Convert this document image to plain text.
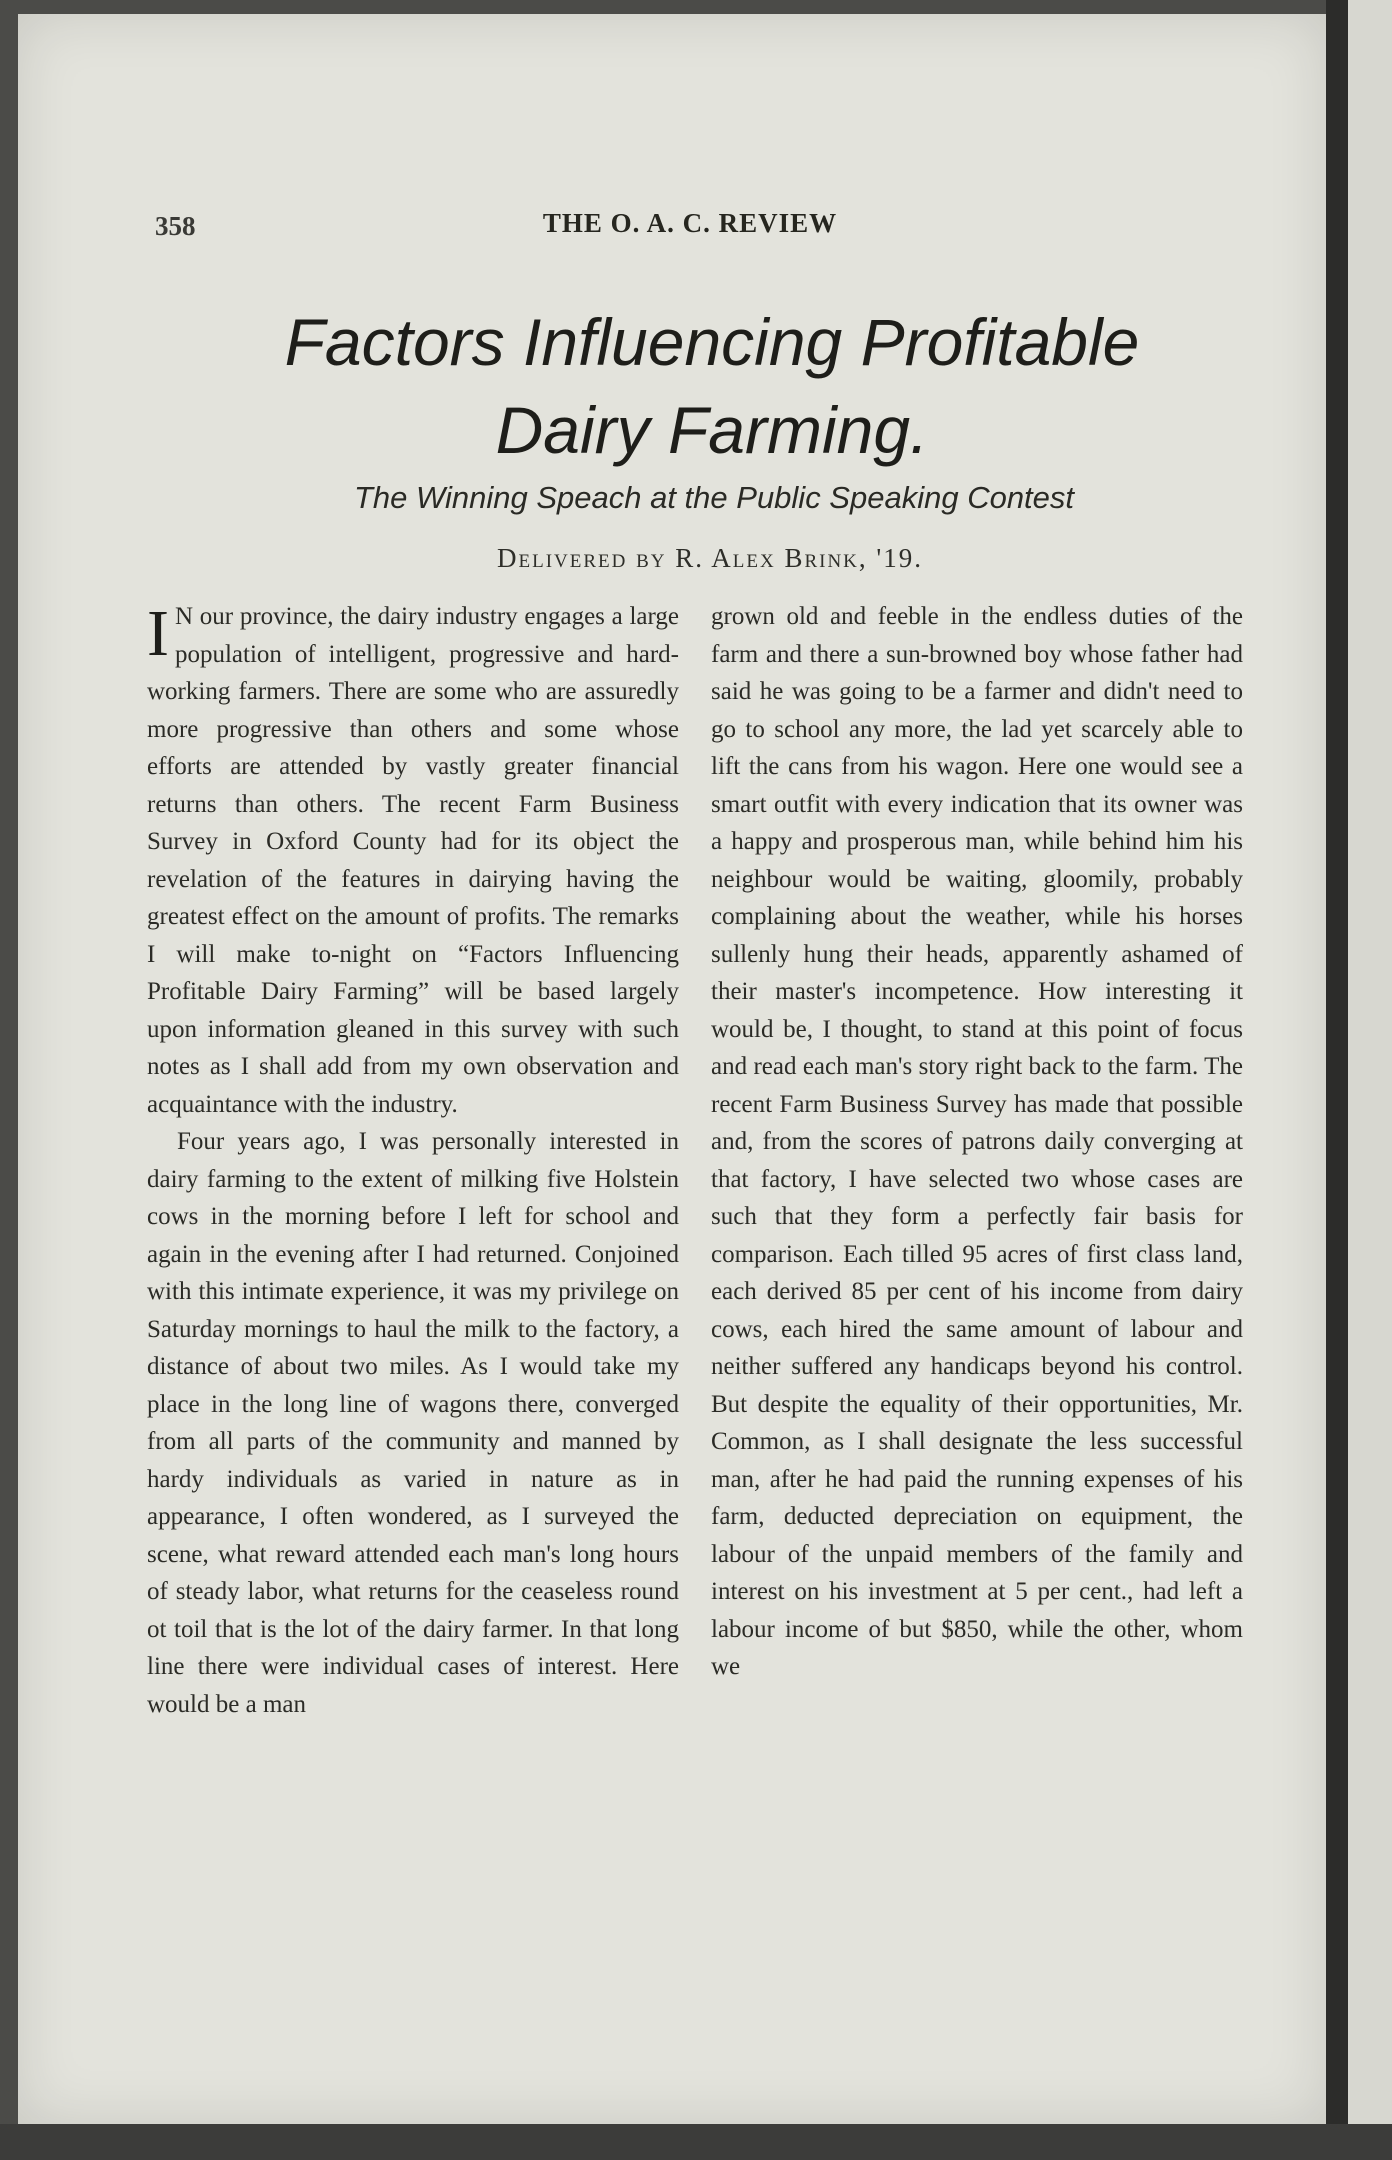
358	THE O. A. C. REVIEW
Factors Influencing Profitable
Dairy Farming.
The Winning Speach at the Public Speaking Contest
Delivered by R. Alex Brink, '19.

I N our province, the dairy industry engages a large population of intelligent, progressive and hard-working farmers. There are some who are assuredly more progressive than others and some whose efforts are attended by vastly greater financial returns than others. The recent Farm Business Survey in Oxford County had for its object the revelation of the features in dairying having the greatest effect on the amount of profits. The remarks I will make to-night on “Factors Influencing Profitable Dairy Farming” will be based largely upon information gleaned in this survey with such notes as I shall add from my own observation and acquaintance with the industry.

Four years ago, I was personally interested in dairy farming to the extent of milking five Holstein cows in the morning before I left for school and again in the evening after I had returned. Conjoined with this intimate experience, it was my privilege on Saturday mornings to haul the milk to the factory, a distance of about two miles. As I would take my place in the long line of wagons there, converged from all parts of the community and manned by hardy individuals as varied in nature as in appearance, I often wondered, as I surveyed the scene, what reward attended each man's long hours of steady labor, what returns for the ceaseless round ot toil that is the lot of the dairy farmer. In that long line there were individual cases of interest. Here would be a man

grown old and feeble in the endless duties of the farm and there a sun-browned boy whose father had said he was going to be a farmer and didn't need to go to school any more, the lad yet scarcely able to lift the cans from his wagon. Here one would see a smart outfit with every indication that its owner was a happy and prosperous man, while behind him his neighbour would be waiting, gloomily, probably complaining about the weather, while his horses sullenly hung their heads, apparently ashamed of their master's incompetence. How interesting it would be, I thought, to stand at this point of focus and read each man's story right back to the farm. The recent Farm Business Survey has made that possible and, from the scores of patrons daily converging at that factory, I have selected two whose cases are such that they form a perfectly fair basis for comparison. Each tilled 95 acres of first class land, each derived 85 per cent of his income from dairy cows, each hired the same amount of labour and neither suffered any handicaps beyond his control. But despite the equality of their opportunities, Mr. Common, as I shall designate the less successful man, after he had paid the running expenses of his farm, deducted depreciation on equipment, the labour of the unpaid members of the family and interest on his investment at 5 per cent., had left a labour income of but $850, while the other, whom we
